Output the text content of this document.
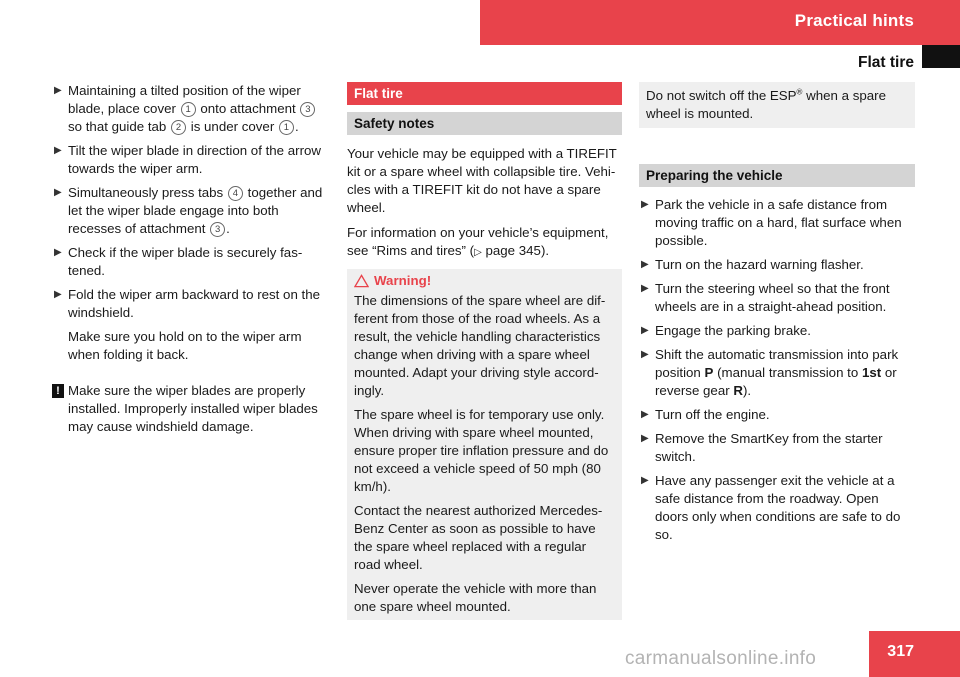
Practical hints
Flat tire
▶ Maintaining a tilted position of the wiper blade, place cover 1 onto attachment 3 so that guide tab 2 is under cover 1 .

▶ Tilt the wiper blade in direction of the arrow towards the wiper arm.

▶ Simultaneously press tabs 4 together and let the wiper blade engage into both recesses of attachment 3 .

▶ Check if the wiper blade is securely fas-tened.

▶ Fold the wiper arm backward to rest on the windshield.

Make sure you hold on to the wiper arm when folding it back.

! Make sure the wiper blades are properly installed. Improperly installed wiper blades may cause windshield damage.
Flat tire
Safety notes

Your vehicle may be equipped with a TIREFIT kit or a spare wheel with collapsible tire. Vehi-cles with a TIREFIT kit do not have a spare wheel.

For information on your vehicle’s equipment, see “Rims and tires” (▷ page 345).

Warning!

The dimensions of the spare wheel are dif-ferent from those of the road wheels. As a result, the vehicle handling characteristics change when driving with a spare wheel mounted. Adapt your driving style accord-ingly.

The spare wheel is for temporary use only. When driving with spare wheel mounted, ensure proper tire inflation pressure and do not exceed a vehicle speed of 50 mph (80 km/h).

Contact the nearest authorized Mercedes-Benz Center as soon as possible to have the spare wheel replaced with a regular road wheel.

Never operate the vehicle with more than one spare wheel mounted.

Do not switch off the ESP® when a spare wheel is mounted.
Preparing the vehicle
▶ Park the vehicle in a safe distance from moving traffic on a hard, flat surface when possible.

▶ Turn on the hazard warning flasher.

▶ Turn the steering wheel so that the front wheels are in a straight-ahead position.

▶ Engage the parking brake.

▶ Shift the automatic transmission into park position P (manual transmission to 1st or reverse gear R).

▶ Turn off the engine.

▶ Remove the SmartKey from the starter switch.

▶ Have any passenger exit the vehicle at a safe distance from the roadway. Open doors only when conditions are safe to do so.

317
carmanualsonline.info
